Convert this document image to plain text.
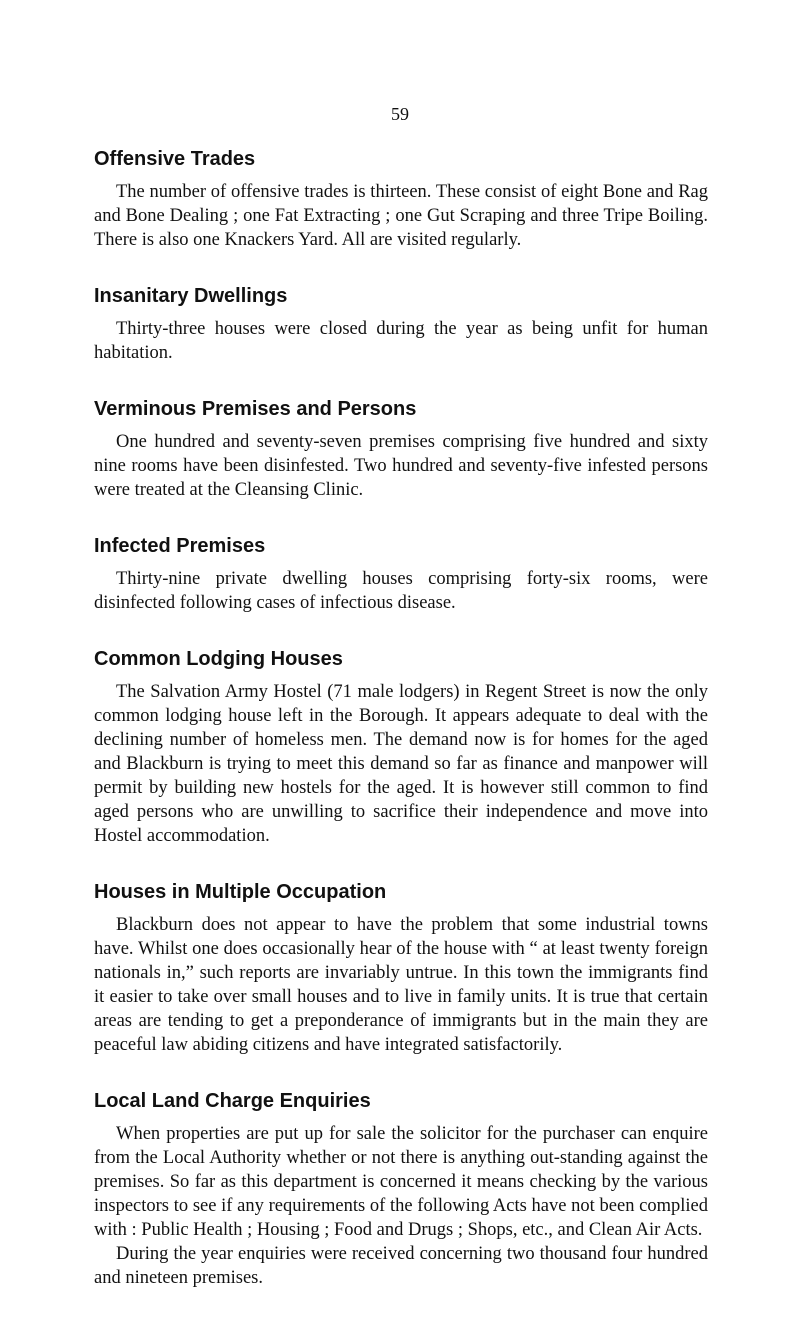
59
Offensive Trades

The number of offensive trades is thirteen. These consist of eight Bone and Rag and Bone Dealing ; one Fat Extracting ; one Gut Scraping and three Tripe Boiling. There is also one Knackers Yard. All are visited regularly.

Insanitary Dwellings

Thirty-three houses were closed during the year as being unfit for human habitation.

Verminous Premises and Persons

One hundred and seventy-seven premises comprising five hundred and sixty nine rooms have been disinfested. Two hundred and seventy-five infested persons were treated at the Cleansing Clinic.

Infected Premises

Thirty-nine private dwelling houses comprising forty-six rooms, were disinfected following cases of infectious disease.

Common Lodging Houses

The Salvation Army Hostel (71 male lodgers) in Regent Street is now the only common lodging house left in the Borough. It appears adequate to deal with the declining number of homeless men. The demand now is for homes for the aged and Blackburn is trying to meet this demand so far as finance and manpower will permit by building new hostels for the aged. It is however still common to find aged persons who are unwilling to sacrifice their independence and move into Hostel accommodation.

Houses in Multiple Occupation

Blackburn does not appear to have the problem that some industrial towns have. Whilst one does occasionally hear of the house with “ at least twenty foreign nationals in,” such reports are invariably untrue. In this town the immigrants find it easier to take over small houses and to live in family units. It is true that certain areas are tending to get a preponderance of immigrants but in the main they are peaceful law abiding citizens and have integrated satisfactorily.

Local Land Charge Enquiries

When properties are put up for sale the solicitor for the purchaser can enquire from the Local Authority whether or not there is anything out-standing against the premises. So far as this department is concerned it means checking by the various inspectors to see if any requirements of the following Acts have not been complied with : Public Health ; Housing ; Food and Drugs ; Shops, etc., and Clean Air Acts.

During the year enquiries were received concerning two thousand four hundred and nineteen premises.
